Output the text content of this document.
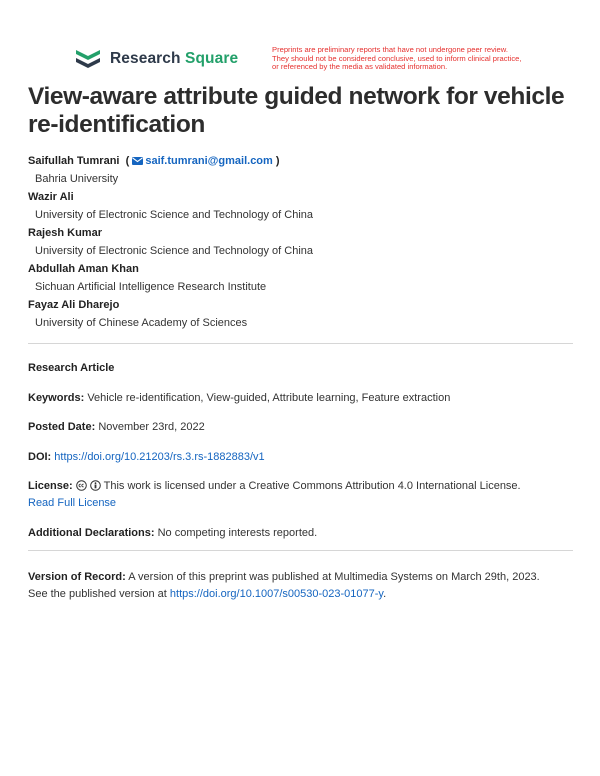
Research Square
Preprints are preliminary reports that have not undergone peer review.
They should not be considered conclusive, used to inform clinical practice,
or referenced by the media as validated information.
View-aware attribute guided network for vehicle re-identification
Saifullah Tumrani  ( saif.tumrani@gmail.com )
Bahria University
Wazir Ali
University of Electronic Science and Technology of China
Rajesh Kumar
University of Electronic Science and Technology of China
Abdullah Aman Khan
Sichuan Artificial Intelligence Research Institute
Fayaz Ali Dharejo
University of Chinese Academy of Sciences
Research Article
Keywords: Vehicle re-identification, View-guided, Attribute learning, Feature extraction
Posted Date: November 23rd, 2022
DOI: https://doi.org/10.21203/rs.3.rs-1882883/v1
License:	This work is licensed under a Creative Commons Attribution 4.0 International License.
Read Full License
Additional Declarations: No competing interests reported.
Version of Record: A version of this preprint was published at Multimedia Systems on March 29th, 2023.
See the published version at https://doi.org/10.1007/s00530-023-01077-y.
